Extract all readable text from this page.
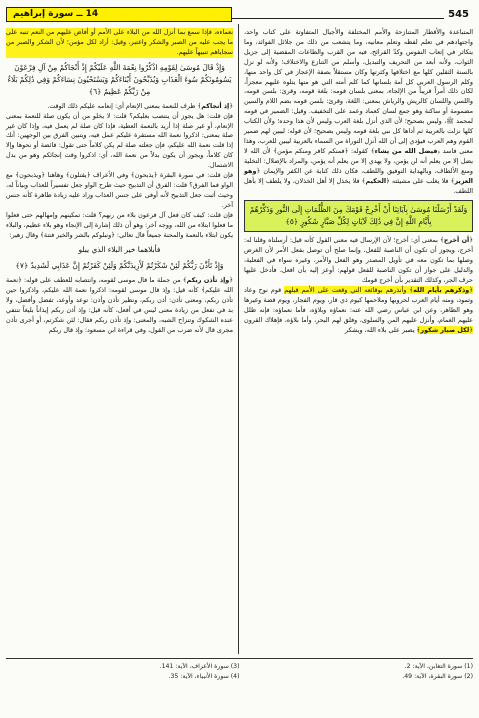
14 ــ سورة إبراهيم	545

المتباعدة والأقطار المتنازحة والأمم المختلفة والأجيال المتفاوتة على كتاب واحد، واجتهادهم في تعلم لفظه وتعلم معانيه، وما يتشعب من ذلك من جلائل الفوائد، وما يتكاثر في إتعاب النفوس وكدّ القرائح، فيه من القرب والطاعات المفضية إلى جزيل الثواب، ولأنه أبعد من التحريف والتبديل، وأسلم من التنازع والاختلاف؛ ولأنه لو نزل بالسنة الثقلين كلها مع اختلافها وكثرتها وكان مستقلاً بصفة الإعجاز في كل واحد منها، وكلم الرسول العربي كل أمة بلسانها كما كلم أمته التي هو منها يتلوه عليهم معجزاً، لكان ذلك أمراً قريباً من الإلجاء، بمعنى بلسان قومه: بلغة قومه، وقرئ: بلسن قومه، واللسن واللسان كالريش والرياش بمعنى: اللغة، وقرئ: بلسن قومه بضم اللام والسين مضمومة أو ساكنة وهو جمع لسان كعماد وعمد على التخفيف. وقيل: الضمير في قومه لمحمد ﷺ، وليس بصحيح؛ لأن الذي أنزل بلغة العرب وليس لأن هذا وحده؛ ولأن الكتاب كلها نزلت بالعربية ثم أداها كل نبي بلغة قومه وليس بصحيح؛ لأن قوله: ليبين لهم ضمير القوم وهم العرب فيؤدي إلى أن الله أنزل التوراة من السماء بالعربية ليبين للعرب، وهذا معنى فاسد ﴿فيضل الله من يشاء﴾ كقوله: ﴿فمنكم كافر ومنكم مؤمن﴾ لأن الله لا يضل إلا من يعلم أنه لن يؤمن، ولا يهدي إلا من يعلم أنه يؤمن، والمراد بالإضلال: التخلية ومنع الألطاف، وبالهداية التوفيق واللطف، فكان ذلك كناية عن الكفر والإيمان ﴿وهو العزيز﴾ فلا يغلب على مشيئته ﴿الحكيم﴾ فلا يخذل إلا أهل الخذلان، ولا يلطف إلا بأهل اللطف.

وَلَقَدْ أَرْسَلْنَا مُوسَىٰ بِآيَاتِنَا أَنْ أَخْرِجْ قَوْمَكَ مِنَ الظُّلُمَاتِ إِلَى النُّورِ وَذَكِّرْهُمْ بِأَيَّامِ اللَّهِ إِنَّ فِي ذَٰلِكَ لَآيَاتٍ لِكُلِّ صَبَّارٍ شَكُورٍ ﴿٥﴾

﴿أن أخرج﴾ بمعنى أي: أخرج؛ لأن الإرسال فيه معنى القول كأنه قيل: أرسلناه وقلنا له: أخرج، ويجوز أن تكون أن الناصبة للفعل، وإنما صلح أن توصل بفعل الأمر لأن الغرض وصلها بما تكون معه في تأويل المصدر وهو الفعل والأمر، وغيره سواء في الفعلية، والدليل على جواز أن تكون الناصبة للفعل قولهم: أوعز إليه بأن افعل، فأدخل عليها حرف الجر، وكذلك التقدير بأن أخرج قومك

﴿وذكرهم بأيام الله﴾ وأنذرهم بوقائعه التي وقعت على الأمم قبلهم قوم نوح وعاد وثمود، ومنه أيام العرب لحروبها وملاحمها كيوم ذي قار، ويوم الفجار، ويوم قضة وغيرها وهو الظاهر، وعن ابن عباس رضي الله عنه: نعماؤه وبلاؤه، فأما نعماؤه: فإنه ظلل عليهم الغمام، وأنزل عليهم المن والسلوى، وفلق لهم البحر، وأما بلاؤه، فإهلاك القرون ﴿لكل صبار شكور﴾ يصبر على بلاء الله، ويشكر

نعماءه، فإذا سمع بما أنزل الله من البلاء على الأمم أو أفاض عليهم من النعم تنبه على ما يجب عليه من الصبر والشكر واعتبر، وقيل: أراد لكل مؤمن؛ لأن الشكر والصبر من سجاياهم تنبيهاً عليهم.

وَإِذْ قَالَ مُوسَىٰ لِقَوْمِهِ اذْكُرُوا نِعْمَةَ اللَّهِ عَلَيْكُمْ إِذْ أَنْجَاكُمْ مِنْ آلِ فِرْعَوْنَ يَسُومُونَكُمْ سُوءَ الْعَذَابِ وَيُذَبِّحُونَ أَبْنَاءَكُمْ وَيَسْتَحْيُونَ نِسَاءَكُمْ وَفِي ذَٰلِكُمْ بَلَاءٌ مِنْ رَبِّكُمْ عَظِيمٌ ﴿٦﴾

﴿إذ أنجاكم﴾ ظرف للنعمة بمعنى الإنعام أي: إنعامه عليكم ذلك الوقت.

فإن قلت: هل يجوز أن ينتصب بعليكم؟ قلت: لا يخلو من أن يكون صلة للنعمة بمعنى الإنعام، أو غير صلة إذا أريد بالنعمة العطية، فإذا كان صلة لم يعمل فيه، وإذا كان غير صلة بمعنى: اذكروا نعمة الله مستقرة عليكم عمل فيه، ويتبين الفرق بين الوجهين: أنك إذا قلت نعمة الله عليكم، فإن جعلته صلة لم يكن كلاماً حتى تقول: فائضة أو نحوها وإلا كان كلاماً، ويجوز أن يكون بدلاً من نعمة الله، أي: اذكروا وقت إنجائكم وهو من بدل الاشتمال.

فإن قلت: في سورة البقرة ﴿يذبحون﴾ وفي الأعراف ﴿يقتلون﴾ وهاهنا ﴿ويذبحون﴾ مع الواو فما الفرق؟ قلت: الفرق أن التذبيح حيث طرح الواو جعل تفسيراً للعذاب وبياناً له، وحيث أثبت جعل التذبيح لأنه أوفى على جنس العذاب وزاد عليه زيادة ظاهرة كأنه جنس آخر.

فإن قلت: كيف كان فعل آل فرعون بلاء من ربهم؟ قلت: تمكينهم وإمهالهم حتى فعلوا ما فعلوا ابتلاء من الله، ووجه آخر: وهو أن ذلك إشارة إلى الإنجاء وهو بلاء عظيم، والبلاء يكون ابتلاء بالنعمة والمحنة جميعاً قال تعالى: ﴿ونبلوكم بالشر والخير فتنة﴾ وقال زهير:

فأبلاهما خير البلاء الذي يبلو
وَإِذْ تَأَذَّنَ رَبُّكُمْ لَئِنْ شَكَرْتُمْ لَأَزِيدَنَّكُمْ وَلَئِنْ كَفَرْتُمْ إِنَّ عَذَابِي لَشَدِيدٌ ﴿٧﴾

﴿وإذ تأذن ربكم﴾ من جملة ما قال موسى لقومه، وانتصابه للعطف على قوله: ﴿نعمة الله عليكم﴾ كأنه قيل: وإذ قال موسى لقومه: اذكروا نعمة الله عليكم، واذكروا حين تأذن ربكم، ومعنى تأذن: أذن ربكم، ونظير تأذن وأذن: توعد وأوعد، تفضل وأفضل، ولا بد في تفعل من زيادة معنى ليس في أفعل، كأنه قيل: وإذ أذن ربكم إيذاناً بليغاً تنتفي عنده الشكوك وتنزاح الشبه، والمعنى: وإذ تأذن ربكم فقال: لئن شكرتم، أو أجرى تأذن مجرى قال لأنه ضرب من القول، وفي قراءة ابن مسعود: وإذ قال ربكم

(1) سورة التغابن، الآية: 2.
(2) سورة البقرة، الآية: 49.
(3) سورة الأعراف، الآية: 141.
(4) سورة الأنبياء، الآية: 35.
